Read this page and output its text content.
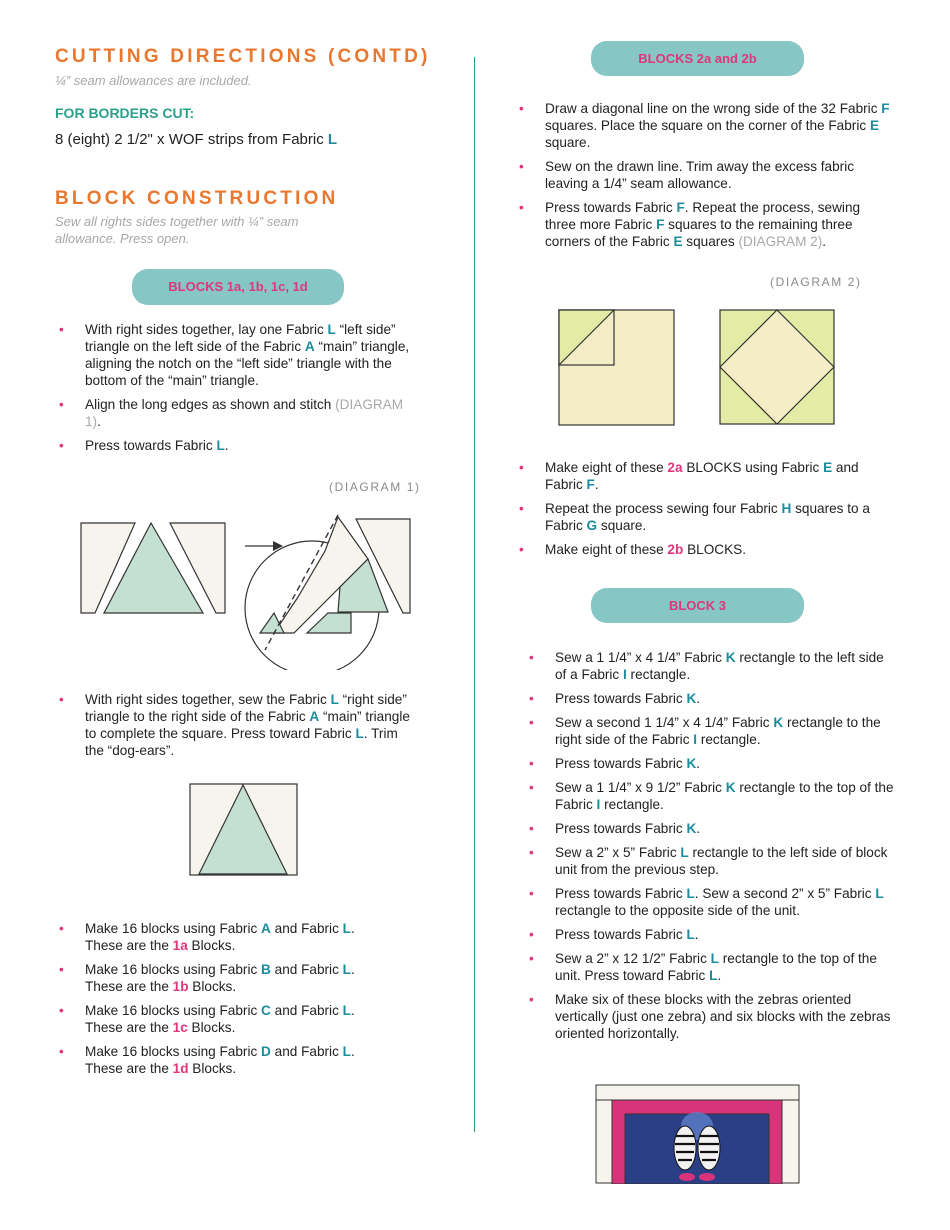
CUTTING DIRECTIONS (CONTD)
¼” seam allowances are included.
FOR BORDERS CUT:
8 (eight) 2 1/2" x WOF strips from Fabric L
BLOCK CONSTRUCTION
Sew all rights sides together with ¼” seam allowance. Press open.
BLOCKS 1a, 1b, 1c, 1d
• With right sides together, lay one Fabric L “left side” triangle on the left side of the Fabric A “main” triangle, aligning the notch on the “left side” triangle with the bottom of the “main” triangle.
• Align the long edges as shown and stitch (DIAGRAM 1).
• Press towards Fabric L.
(DIAGRAM 1)
• With right sides together, sew the Fabric L “right side” triangle to the right side of the Fabric A “main” triangle to complete the square. Press toward Fabric L. Trim the “dog-ears”.
• Make 16 blocks using Fabric A and Fabric L.
These are the 1a Blocks.
• Make 16 blocks using Fabric B and Fabric L.
These are the 1b Blocks.
• Make 16 blocks using Fabric C and Fabric L.
These are the 1c Blocks.
• Make 16 blocks using Fabric D and Fabric L.
These are the 1d Blocks.
BLOCKS 2a and 2b
• Draw a diagonal line on the wrong side of the 32 Fabric F squares. Place the square on the corner of the Fabric E square.
• Sew on the drawn line. Trim away the excess fabric leaving a 1/4” seam allowance.
• Press towards Fabric F. Repeat the process, sewing three more Fabric F squares to the remaining three corners of the Fabric E squares (DIAGRAM 2).
(DIAGRAM 2)
• Make eight of these 2a BLOCKS using Fabric E and Fabric F.
• Repeat the process sewing four Fabric H squares to a Fabric G square.
• Make eight of these 2b BLOCKS.
BLOCK 3
• Sew a 1 1/4” x 4 1/4” Fabric K rectangle to the left side of a Fabric I rectangle.
• Press towards Fabric K.
• Sew a second 1 1/4” x 4 1/4” Fabric K rectangle to the right side of the Fabric I rectangle.
• Press towards Fabric K.
• Sew a 1 1/4” x 9 1/2” Fabric K rectangle to the top of the Fabric I rectangle.
• Press towards Fabric K.
• Sew a 2” x 5” Fabric L rectangle to the left side of block unit from the previous step.
• Press towards Fabric L. Sew a second 2” x 5” Fabric L rectangle to the opposite side of the unit.
• Press towards Fabric L.
• Sew a 2” x 12 1/2” Fabric L rectangle to the top of the unit. Press toward Fabric L.
• Make six of these blocks with the zebras oriented vertically (just one zebra) and six blocks with the zebras oriented horizontally.
